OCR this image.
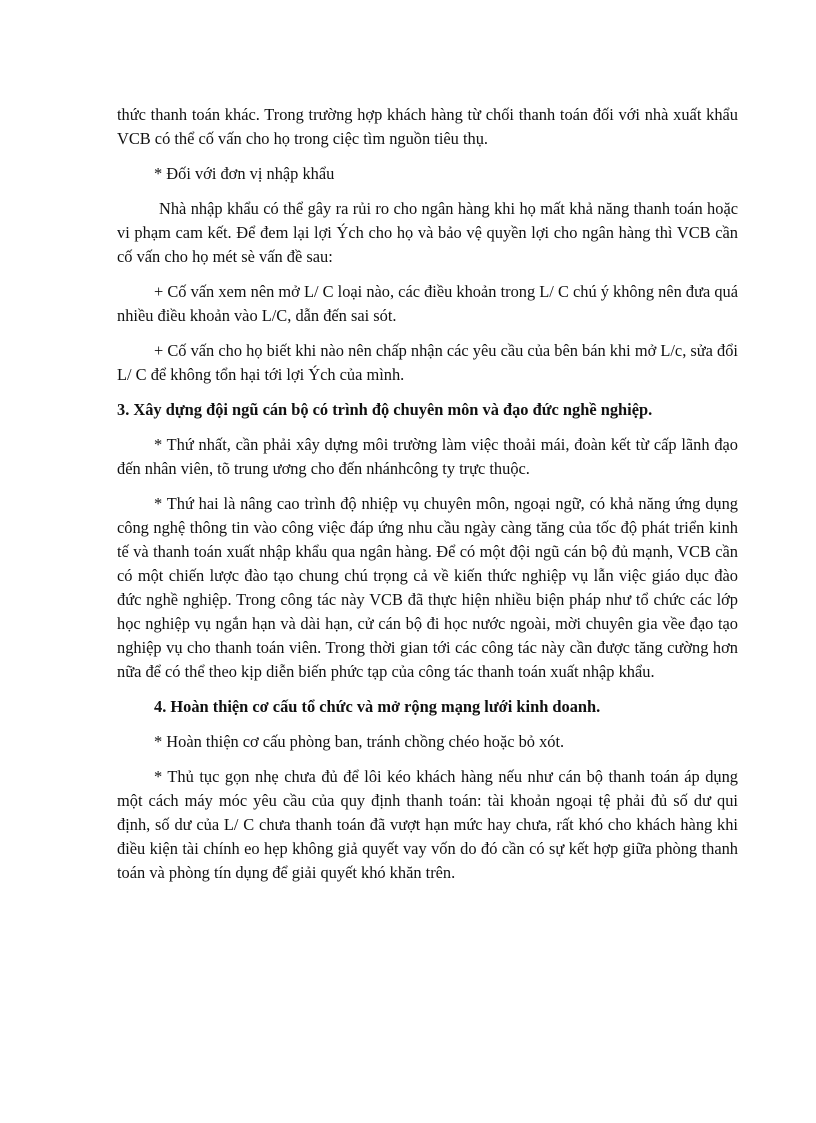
thức thanh toán khác. Trong trường hợp khách hàng từ chối thanh toán đối với nhà xuất khẩu VCB có thể cố vấn cho họ trong ciệc tìm nguồn tiêu thụ.

* Đối với đơn vị nhập khẩu

Nhà nhập khẩu có thể gây ra rủi ro cho ngân hàng khi họ mất khả năng thanh toán hoặc vi phạm cam kết. Để đem lại lợi Ých cho họ và bảo vệ quyền lợi cho ngân hàng thì VCB cần cố vấn cho họ mét sè vấn đề sau:

+ Cố vấn xem nên mở L/ C loại nào, các điều khoản trong L/ C chú ý không nên đưa quá nhiều điều khoản vào L/C, dẫn đến sai sót.

+ Cố vấn cho họ biết khi nào nên chấp nhận các yêu cầu của bên bán khi mở L/c, sửa đổi L/ C để không tổn hại tới lợi Ých của mình.

3. Xây dựng đội ngũ cán bộ có trình độ chuyên môn và đạo đức nghề nghiệp.

* Thứ nhất, cần phải xây dựng môi trường làm việc thoải mái, đoàn kết từ cấp lãnh đạo đến nhân viên, tõ trung ương cho đến nhánhcông ty trực thuộc.

* Thứ hai là nâng cao trình độ nhiệp vụ chuyên môn, ngoại ngữ, có khả năng ứng dụng công nghệ thông tin vào công việc đáp ứng nhu cầu ngày càng tăng của tốc độ phát triển kinh tế và thanh toán xuất nhập khẩu qua ngân hàng. Để có một đội ngũ cán bộ đủ mạnh, VCB cần có một chiến lược đào tạo chung chú trọng cả về kiến thức nghiệp vụ lẫn việc giáo dục đào đức nghề nghiệp. Trong công tác này VCB đã thực hiện nhiều biện pháp như tổ chức các lớp học nghiệp vụ ngắn hạn và dài hạn, cử cán bộ đi học nước ngoài, mời chuyên gia vềe đạo tạo nghiệp vụ cho thanh toán viên. Trong thời gian tới các công tác này cần được tăng cường hơn nữa để có thể theo kịp diễn biến phức tạp của công tác thanh toán xuất nhập khẩu.

4. Hoàn thiện cơ cấu tổ chức và mở rộng mạng lưới kinh doanh.

* Hoàn thiện cơ cấu phòng ban, tránh chồng chéo hoặc bỏ xót.

* Thủ tục gọn nhẹ chưa đủ để lôi kéo khách hàng nếu như cán bộ thanh toán áp dụng một cách máy móc yêu cầu của quy định thanh toán: tài khoản ngoại tệ phải đủ số dư qui định, số dư của L/ C chưa thanh toán đã vượt hạn mức hay chưa, rất khó cho khách hàng khi điều kiện tài chính eo hẹp không giả quyết vay vốn do đó cần có sự kết hợp giữa phòng thanh toán và phòng tín dụng để giải quyết khó khăn trên.
